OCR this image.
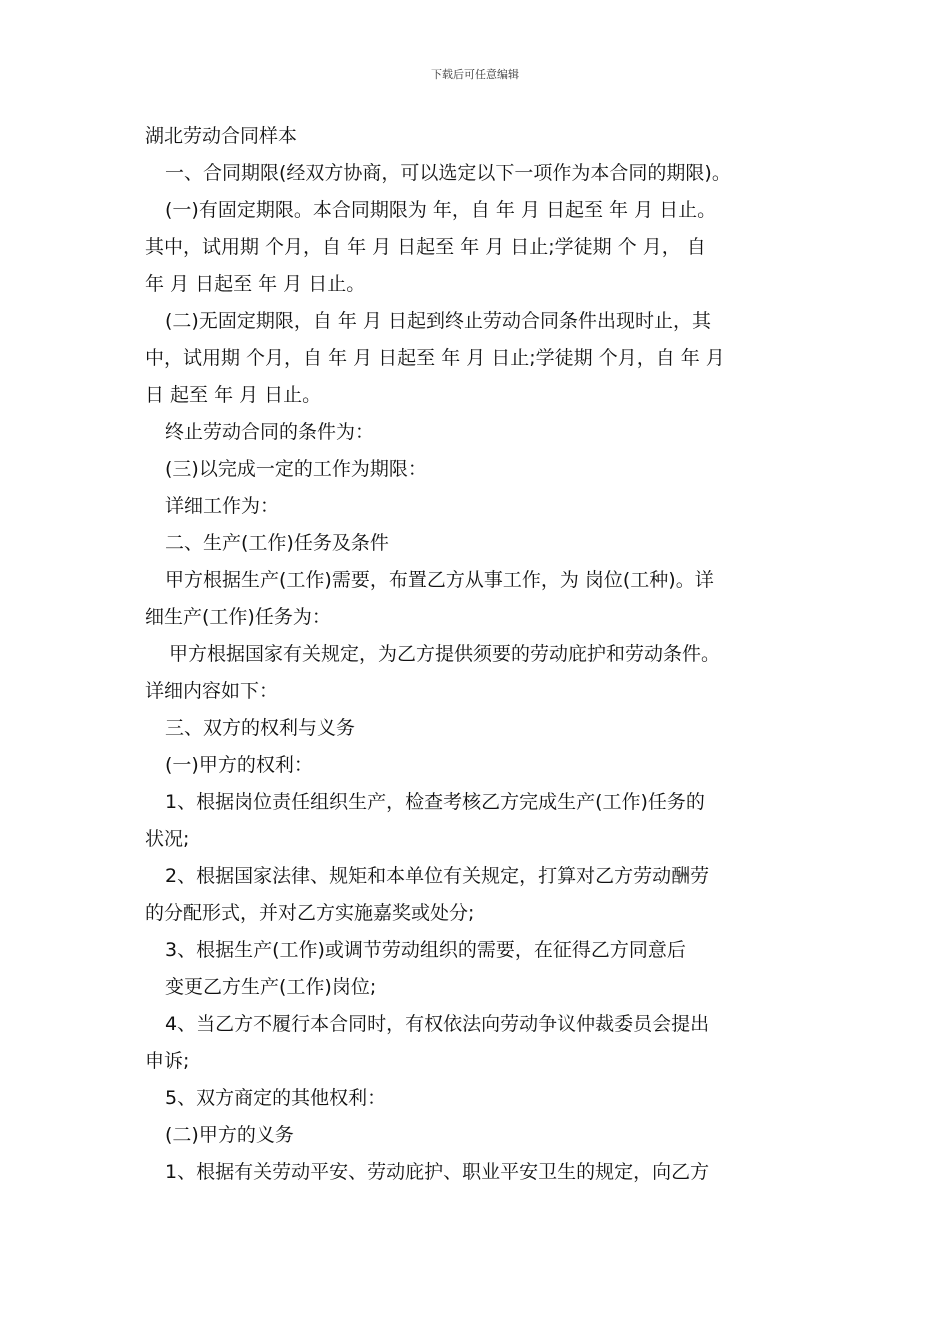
下载后可任意编辑
湖北劳动合同样本
一、合同期限(经双方协商，可以选定以下一项作为本合同的期限)。
(一)有固定期限。本合同期限为 年，自 年 月 日起至 年 月 日止。
其中，试用期 个月，自 年 月 日起至 年 月 日止;学徒期 个 月， 自
年 月 日起至 年 月 日止。
(二)无固定期限，自 年 月 日起到终止劳动合同条件出现时止，其
中，试用期 个月，自 年 月 日起至 年 月 日止;学徒期 个月，自 年 月
日 起至 年 月 日止。
终止劳动合同的条件为：
(三)以完成一定的工作为期限：
详细工作为：
二、生产(工作)任务及条件
甲方根据生产(工作)需要，布置乙方从事工作，为 岗位(工种)。详
细生产(工作)任务为：
甲方根据国家有关规定，为乙方提供须要的劳动庇护和劳动条件。
详细内容如下：
三、双方的权利与义务
(一)甲方的权利：
1、根据岗位责任组织生产，检查考核乙方完成生产(工作)任务的
状况;
2、根据国家法律、规矩和本单位有关规定，打算对乙方劳动酬劳
的分配形式，并对乙方实施嘉奖或处分;
3、根据生产(工作)或调节劳动组织的需要，在征得乙方同意后
变更乙方生产(工作)岗位;
4、当乙方不履行本合同时，有权依法向劳动争议仲裁委员会提出
申诉;
5、双方商定的其他权利：
(二)甲方的义务
1、根据有关劳动平安、劳动庇护、职业平安卫生的规定，向乙方
